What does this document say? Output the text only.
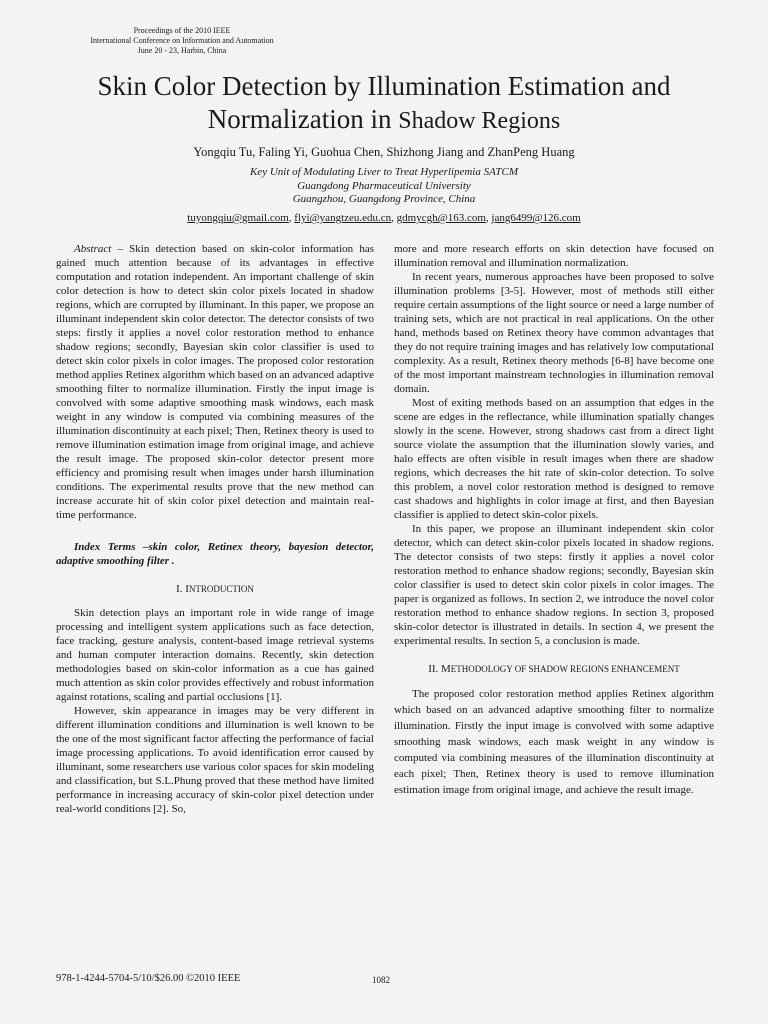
Proceedings of the 2010 IEEE
International Conference on Information and Automation
June 20 - 23, Harbin, China
Skin Color Detection by Illumination Estimation and
Normalization in Shadow Regions
Yongqiu Tu, Faling Yi, Guohua Chen, Shizhong Jiang and ZhanPeng Huang
Key Unit of Modulating Liver to Treat Hyperlipemia SATCM
Guangdong Pharmaceutical University
Guangzhou, Guangdong Province, China
tuyongqiu@gmail.com, flyi@yangtzeu.edu.cn, gdmycgh@163.com, jang6499@126.com

Abstract – Skin detection based on skin-color information has gained much attention because of its advantages in effective computation and rotation independent. An important challenge of skin color detection is how to detect skin color pixels located in shadow regions, which are corrupted by illuminant. In this paper, we propose an illuminant independent skin color detector. The detector consists of two steps: firstly it applies a novel color restoration method to enhance shadow regions; secondly, Bayesian skin color classifier is used to detect skin color pixels in color images. The proposed color restoration method applies Retinex algorithm which based on an advanced adaptive smoothing filter to normalize illumination. Firstly the input image is convolved with some adaptive smoothing mask windows, each mask weight in any window is computed via combining measures of the illumination discontinuity at each pixel; Then, Retinex theory is used to remove illumination estimation image from original image, and achieve the result image. The proposed skin-color detector present more efficiency and promising result when images under harsh illumination conditions. The experimental results prove that the new method can increase accurate hit of skin color pixel detection and maintain real-time performance.

Index Terms –skin color, Retinex theory, bayesion detector, adaptive smoothing filter .

I. INTRODUCTION

Skin detection plays an important role in wide range of image processing and intelligent system applications such as face detection, face tracking, gesture analysis, content-based image retrieval systems and human computer interaction domains. Recently, skin detection methodologies based on skin-color information as a cue has gained much attention as skin color provides effectively and robust information against rotations, scaling and partial occlusions [1].

However, skin appearance in images may be very different in different illumination conditions and illumination is well known to be the one of the most significant factor affecting the performance of facial image processing applications. To avoid identification error caused by illuminant, some researchers use various color spaces for skin modeling and classification, but S.L.Phung proved that these method have limited performance in increasing accuracy of skin-color pixel detection under real-world conditions [2]. So,

more and more research efforts on skin detection have focused on illumination removal and illumination normalization.

In recent years, numerous approaches have been proposed to solve illumination problems [3-5]. However, most of methods still either require certain assumptions of the light source or need a large number of training sets, which are not practical in real applications. On the other hand, methods based on Retinex theory have common advantages that they do not require training images and has relatively low computational complexity. As a result, Retinex theory methods [6-8] have become one of the most important mainstream technologies in illumination removal domain.

Most of exiting methods based on an assumption that edges in the scene are edges in the reflectance, while illumination spatially changes slowly in the scene. However, strong shadows cast from a direct light source violate the assumption that the illumination slowly varies, and halo effects are often visible in result images when there are shadow regions, which decreases the hit rate of skin-color detection. To solve this problem, a novel color restoration method is designed to remove cast shadows and highlights in color image at first, and then Bayesian classifier is applied to detect skin-color pixels.

In this paper, we propose an illuminant independent skin color detector, which can detect skin-color pixels located in shadow regions. The detector consists of two steps: firstly it applies a novel color restoration method to enhance shadow regions; secondly, Bayesian skin color classifier is used to detect skin color pixels in color images. The paper is organized as follows. In section 2, we introduce the novel color restoration method to enhance shadow regions. In section 3, proposed skin-color detector is illustrated in details. In section 4, we present the experimental results. In section 5, a conclusion is made.

II. METHODOLOGY OF SHADOW REGIONS ENHANCEMENT

The proposed color restoration method applies Retinex algorithm which based on an advanced adaptive smoothing filter to normalize illumination. Firstly the input image is convolved with some adaptive smoothing mask windows, each mask weight in any window is computed via combining measures of the illumination discontinuity at each pixel; Then, Retinex theory is used to remove illumination estimation image from original image, and achieve the result image.

978-1-4244-5704-5/10/$26.00 ©2010 IEEE	1082
